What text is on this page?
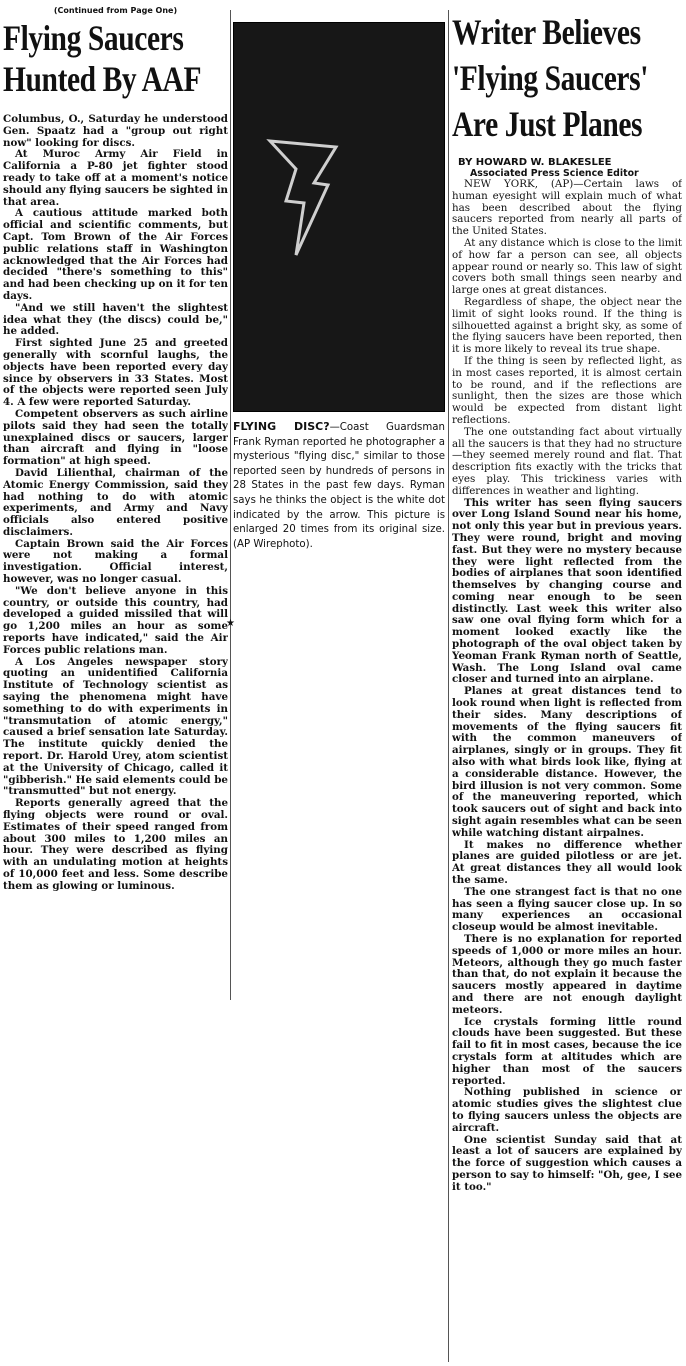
★
(Continued from Page One)
Flying Saucers
Hunted By AAF

Columbus, O., Saturday he understood Gen. Spaatz had a "group out right now" looking for discs.

At Muroc Army Air Field in California a P-80 jet fighter stood ready to take off at a moment's notice should any flying saucers be sighted in that area.

A cautious attitude marked both official and scientific comments, but Capt. Tom Brown of the Air Forces public relations staff in Washington acknowledged that the Air Forces had decided "there's something to this" and had been checking up on it for ten days.

"And we still haven't the slightest idea what they (the discs) could be," he added.

First sighted June 25 and greeted generally with scornful laughs, the objects have been reported every day since by observers in 33 States. Most of the objects were reported seen July 4. A few were reported Saturday.

Competent observers as such airline pilots said they had seen the totally unexplained discs or saucers, larger than aircraft and flying in "loose formation" at high speed.

David Lilienthal, chairman of the Atomic Energy Commission, said they had nothing to do with atomic experiments, and Army and Navy officials also entered positive disclaimers.

Captain Brown said the Air Forces were not making a formal investigation. Official interest, however, was no longer casual.

"We don't believe anyone in this country, or outside this country, had developed a guided missiled that will go 1,200 miles an hour as some reports have indicated," said the Air Forces public relations man.

A Los Angeles newspaper story quoting an unidentified California Institute of Technology scientist as saying the phenomena might have something to do with experiments in "transmutation of atomic energy," caused a brief sensation late Saturday. The institute quickly denied the report. Dr. Harold Urey, atom scientist at the University of Chicago, called it "gibberish." He said elements could be "transmutted" but not energy.

Reports generally agreed that the flying objects were round or oval. Estimates of their speed ranged from about 300 miles to 1,200 miles an hour. They were described as flying with an undulating motion at heights of 10,000 feet and less. Some describe them as glowing or luminous.

FLYING DISC?—Coast Guardsman Frank Ryman reported he photographer a mysterious "flying disc," similar to those reported seen by hundreds of persons in 28 States in the past few days. Ryman says he thinks the object is the white dot indicated by the arrow. This picture is enlarged 20 times from its original size. (AP Wirephoto).
Writer Believes
'Flying Saucers'
Are Just Planes
BY HOWARD W. BLAKESLEE
Associated Press Science Editor

NEW YORK, (AP)—Certain laws of human eyesight will explain much of what has been described about the flying saucers reported from nearly all parts of the United States.

At any distance which is close to the limit of how far a person can see, all objects appear round or nearly so. This law of sight covers both small things seen nearby and large ones at great distances.

Regardless of shape, the object near the limit of sight looks round. If the thing is silhouetted against a bright sky, as some of the flying saucers have been reported, then it is more likely to reveal its true shape.

If the thing is seen by reflected light, as in most cases reported, it is almost certain to be round, and if the reflections are sunlight, then the sizes are those which would be expected from distant light reflections.

The one outstanding fact about virtually all the saucers is that they had no structure—they seemed merely round and flat. That description fits exactly with the tricks that eyes play. This trickiness varies with differences in weather and lighting.

This writer has seen flying saucers over Long Island Sound near his home, not only this year but in previous years. They were round, bright and moving fast. But they were no mystery because they were light reflected from the bodies of airplanes that soon identified themselves by changing course and coming near enough to be seen distinctly. Last week this writer also saw one oval flying form which for a moment looked exactly like the photograph of the oval object taken by Yeoman Frank Ryman north of Seattle, Wash. The Long Island oval came closer and turned into an airplane.

Planes at great distances tend to look round when light is reflected from their sides. Many descriptions of movements of the flying saucers fit with the common maneuvers of airplanes, singly or in groups. They fit also with what birds look like, flying at a considerable distance. However, the bird illusion is not very common. Some of the maneuvering reported, which took saucers out of sight and back into sight again resembles what can be seen while watching distant airpalnes.

It makes no difference whether planes are guided pilotless or are jet. At great distances they all would look the same.

The one strangest fact is that no one has seen a flying saucer close up. In so many experiences an occasional closeup would be almost inevitable.

There is no explanation for reported speeds of 1,000 or more miles an hour. Meteors, although they go much faster than that, do not explain it because the saucers mostly appeared in daytime and there are not enough daylight meteors.

Ice crystals forming little round clouds have been suggested. But these fail to fit in most cases, because the ice crystals form at altitudes which are higher than most of the saucers reported.

Nothing published in science or atomic studies gives the slightest clue to flying saucers unless the objects are aircraft.

One scientist Sunday said that at least a lot of saucers are explained by the force of suggestion which causes a person to say to himself: "Oh, gee, I see it too."
